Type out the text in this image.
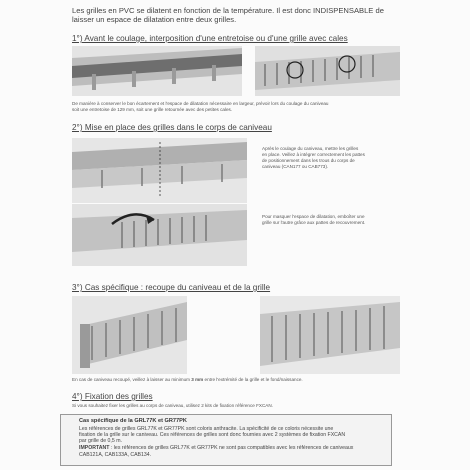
Les grilles en PVC se dilatent en fonction de la température. Il est donc INDISPENSABLE de
laisser un espace de dilatation entre deux grilles.
1°) Avant le coulage, interposition d'une entretoise ou d'une grille avec cales
De manière à conserver le bon écartement et l'espace de dilatation nécessaire en largeur, prévoir lors du coulage du caniveau
soit une entretoise de 129 mm, soit une grille retournée avec des petites cales.
2°) Mise en place des grilles dans le corps de caniveau
Après le coulage du caniveau, mettre les grilles
en place. Veillez à intégrer correctement les pattes
de positionnement dans les trous du corps de
caniveau (CAN177 ou CAB773).
Pour masquer l'espace de dilatation, emboîter une
grille sur l'autre grâce aux pattes de recouvrement.
3°) Cas spécifique : recoupe du caniveau et de la grille
En cas de caniveau recoupé, veillez à laisser au minimum 3 mm entre l'extrémité de la grille et le fond/naissance.
4°) Fixation des grilles
Si vous souhaitez fixer les grilles au corps de caniveau, utilisez 2 kits de fixation référence FXCAN.
Cas spécifique de la GRL77K et GR77PK

Les références de grilles GRL77K et GR77PK sont coloris anthracite. La spécificité de ce coloris nécessite une

fixation de la grille sur le caniveau. Ces références de grilles sont donc fournies avec 2 systèmes de fixation FXCAN

par grille de 0,5 m.

IMPORTANT : les références de grilles GRL77K et GR77PK ne sont pas compatibles avec les références de caniveaux

CAB121A, CAB133A, CAB134.
